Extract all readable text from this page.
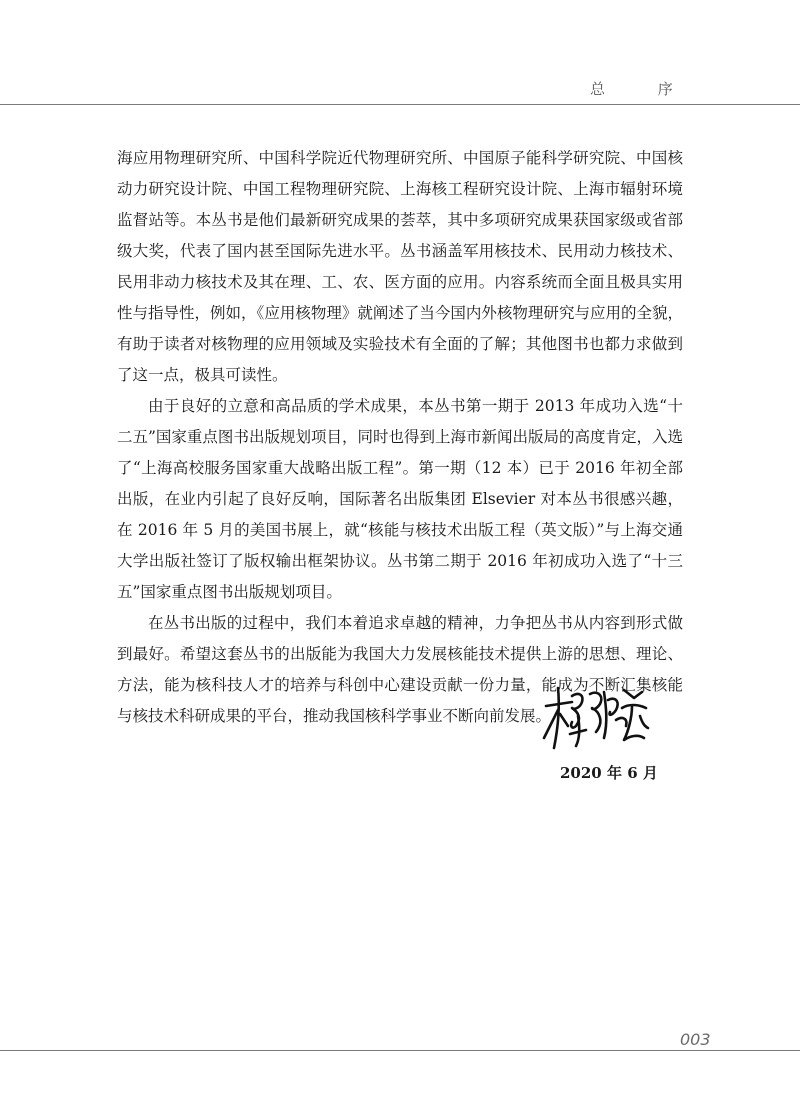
总 序

海应用物理研究所、中国科学院近代物理研究所、中国原子能科学研究院、中国核动力研究设计院、中国工程物理研究院、上海核工程研究设计院、上海市辐射环境监督站等。本丛书是他们最新研究成果的荟萃，其中多项研究成果获国家级或省部级大奖，代表了国内甚至国际先进水平。丛书涵盖军用核技术、民用动力核技术、民用非动力核技术及其在理、工、农、医方面的应用。内容系统而全面且极具实用性与指导性，例如，《应用核物理》就阐述了当今国内外核物理研究与应用的全貌，有助于读者对核物理的应用领域及实验技术有全面的了解；其他图书也都力求做到了这一点，极具可读性。

由于良好的立意和高品质的学术成果，本丛书第一期于 2013 年成功入选“十二五”国家重点图书出版规划项目，同时也得到上海市新闻出版局的高度肯定，入选了“上海高校服务国家重大战略出版工程”。第一期（12 本）已于 2016 年初全部出版，在业内引起了良好反响，国际著名出版集团 Elsevier 对本丛书很感兴趣，在 2016 年 5 月的美国书展上，就“核能与核技术出版工程（英文版）”与上海交通大学出版社签订了版权输出框架协议。丛书第二期于 2016 年初成功入选了“十三五”国家重点图书出版规划项目。

在丛书出版的过程中，我们本着追求卓越的精神，力争把丛书从内容到形式做到最好。希望这套丛书的出版能为我国大力发展核能技术提供上游的思想、理论、方法，能为核科技人才的培养与科创中心建设贡献一份力量，能成为不断汇集核能与核技术科研成果的平台，推动我国核科学事业不断向前发展。

2020 年 6 月
003
